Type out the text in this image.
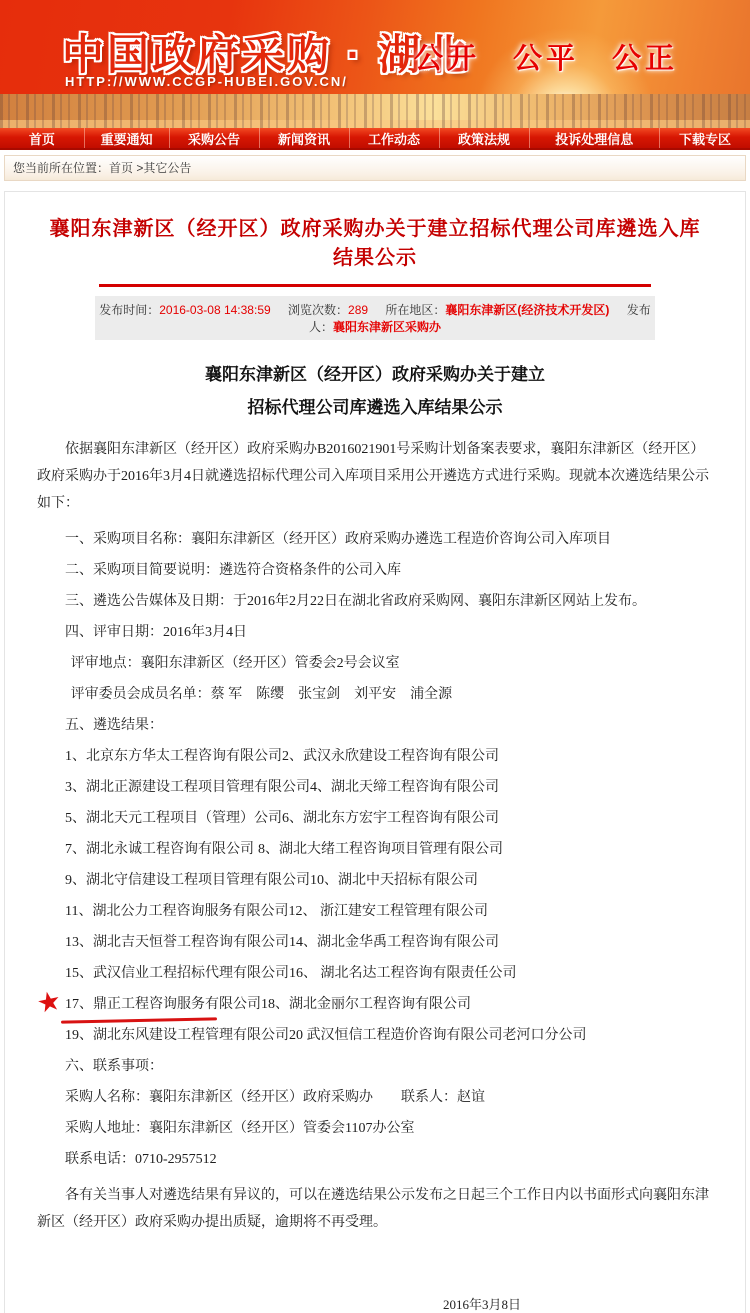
中国政府采购 · 湖北
HTTP://WWW.CCGP-HUBEI.GOV.CN/
公开　公平　公正
首页	重要通知	采购公告	新闻资讯	工作动态	政策法规	投诉处理信息	下载专区
您当前所在位置：首页 >其它公告
襄阳东津新区（经开区）政府采购办关于建立招标代理公司库遴选入库结果公示
发布时间：2016-03-08 14:38:59 浏览次数：289 所在地区：襄阳东津新区(经济技术开发区) 发布人：襄阳东津新区采购办
襄阳东津新区（经开区）政府采购办关于建立
招标代理公司库遴选入库结果公示

依据襄阳东津新区（经开区）政府采购办B2016021901号采购计划备案表要求，襄阳东津新区（经开区）政府采购办于2016年3月4日就遴选招标代理公司入库项目采用公开遴选方式进行采购。现就本次遴选结果公示如下：

一、采购项目名称：襄阳东津新区（经开区）政府采购办遴选工程造价咨询公司入库项目
二、采购项目简要说明：遴选符合资格条件的公司入库
三、遴选公告媒体及日期：于2016年2月22日在湖北省政府采购网、襄阳东津新区网站上发布。
四、评审日期：2016年3月4日
评审地点：襄阳东津新区（经开区）管委会2号会议室
评审委员会成员名单：蔡 军　陈缨　张宝剑　刘平安　浦全源
五、遴选结果：
1、北京东方华太工程咨询有限公司2、武汉永欣建设工程咨询有限公司
3、湖北正源建设工程项目管理有限公司4、湖北天缔工程咨询有限公司
5、湖北天元工程项目（管理）公司6、湖北东方宏宇工程咨询有限公司
7、湖北永诚工程咨询有限公司 8、湖北大绪工程咨询项目管理有限公司
9、湖北守信建设工程项目管理有限公司10、湖北中天招标有限公司
11、湖北公力工程咨询服务有限公司12、 浙江建安工程管理有限公司
13、湖北吉天恒誉工程咨询有限公司14、湖北金华禹工程咨询有限公司
15、武汉信业工程招标代理有限公司16、 湖北名达工程咨询有限责任公司
★ 17、鼎正工程咨询服务有限公司
18、湖北金丽尔工程咨询有限公司
19、湖北东风建设工程管理有限公司20 武汉恒信工程造价咨询有限公司老河口分公司
六、联系事项：
采购人名称：襄阳东津新区（经开区）政府采购办　　联系人：赵谊
采购人地址：襄阳东津新区（经开区）管委会1107办公室
联系电话：0710-2957512

各有关当事人对遴选结果有异议的，可以在遴选结果公示发布之日起三个工作日内以书面形式向襄阳东津新区（经开区）政府采购办提出质疑，逾期将不再受理。

2016年3月8日
